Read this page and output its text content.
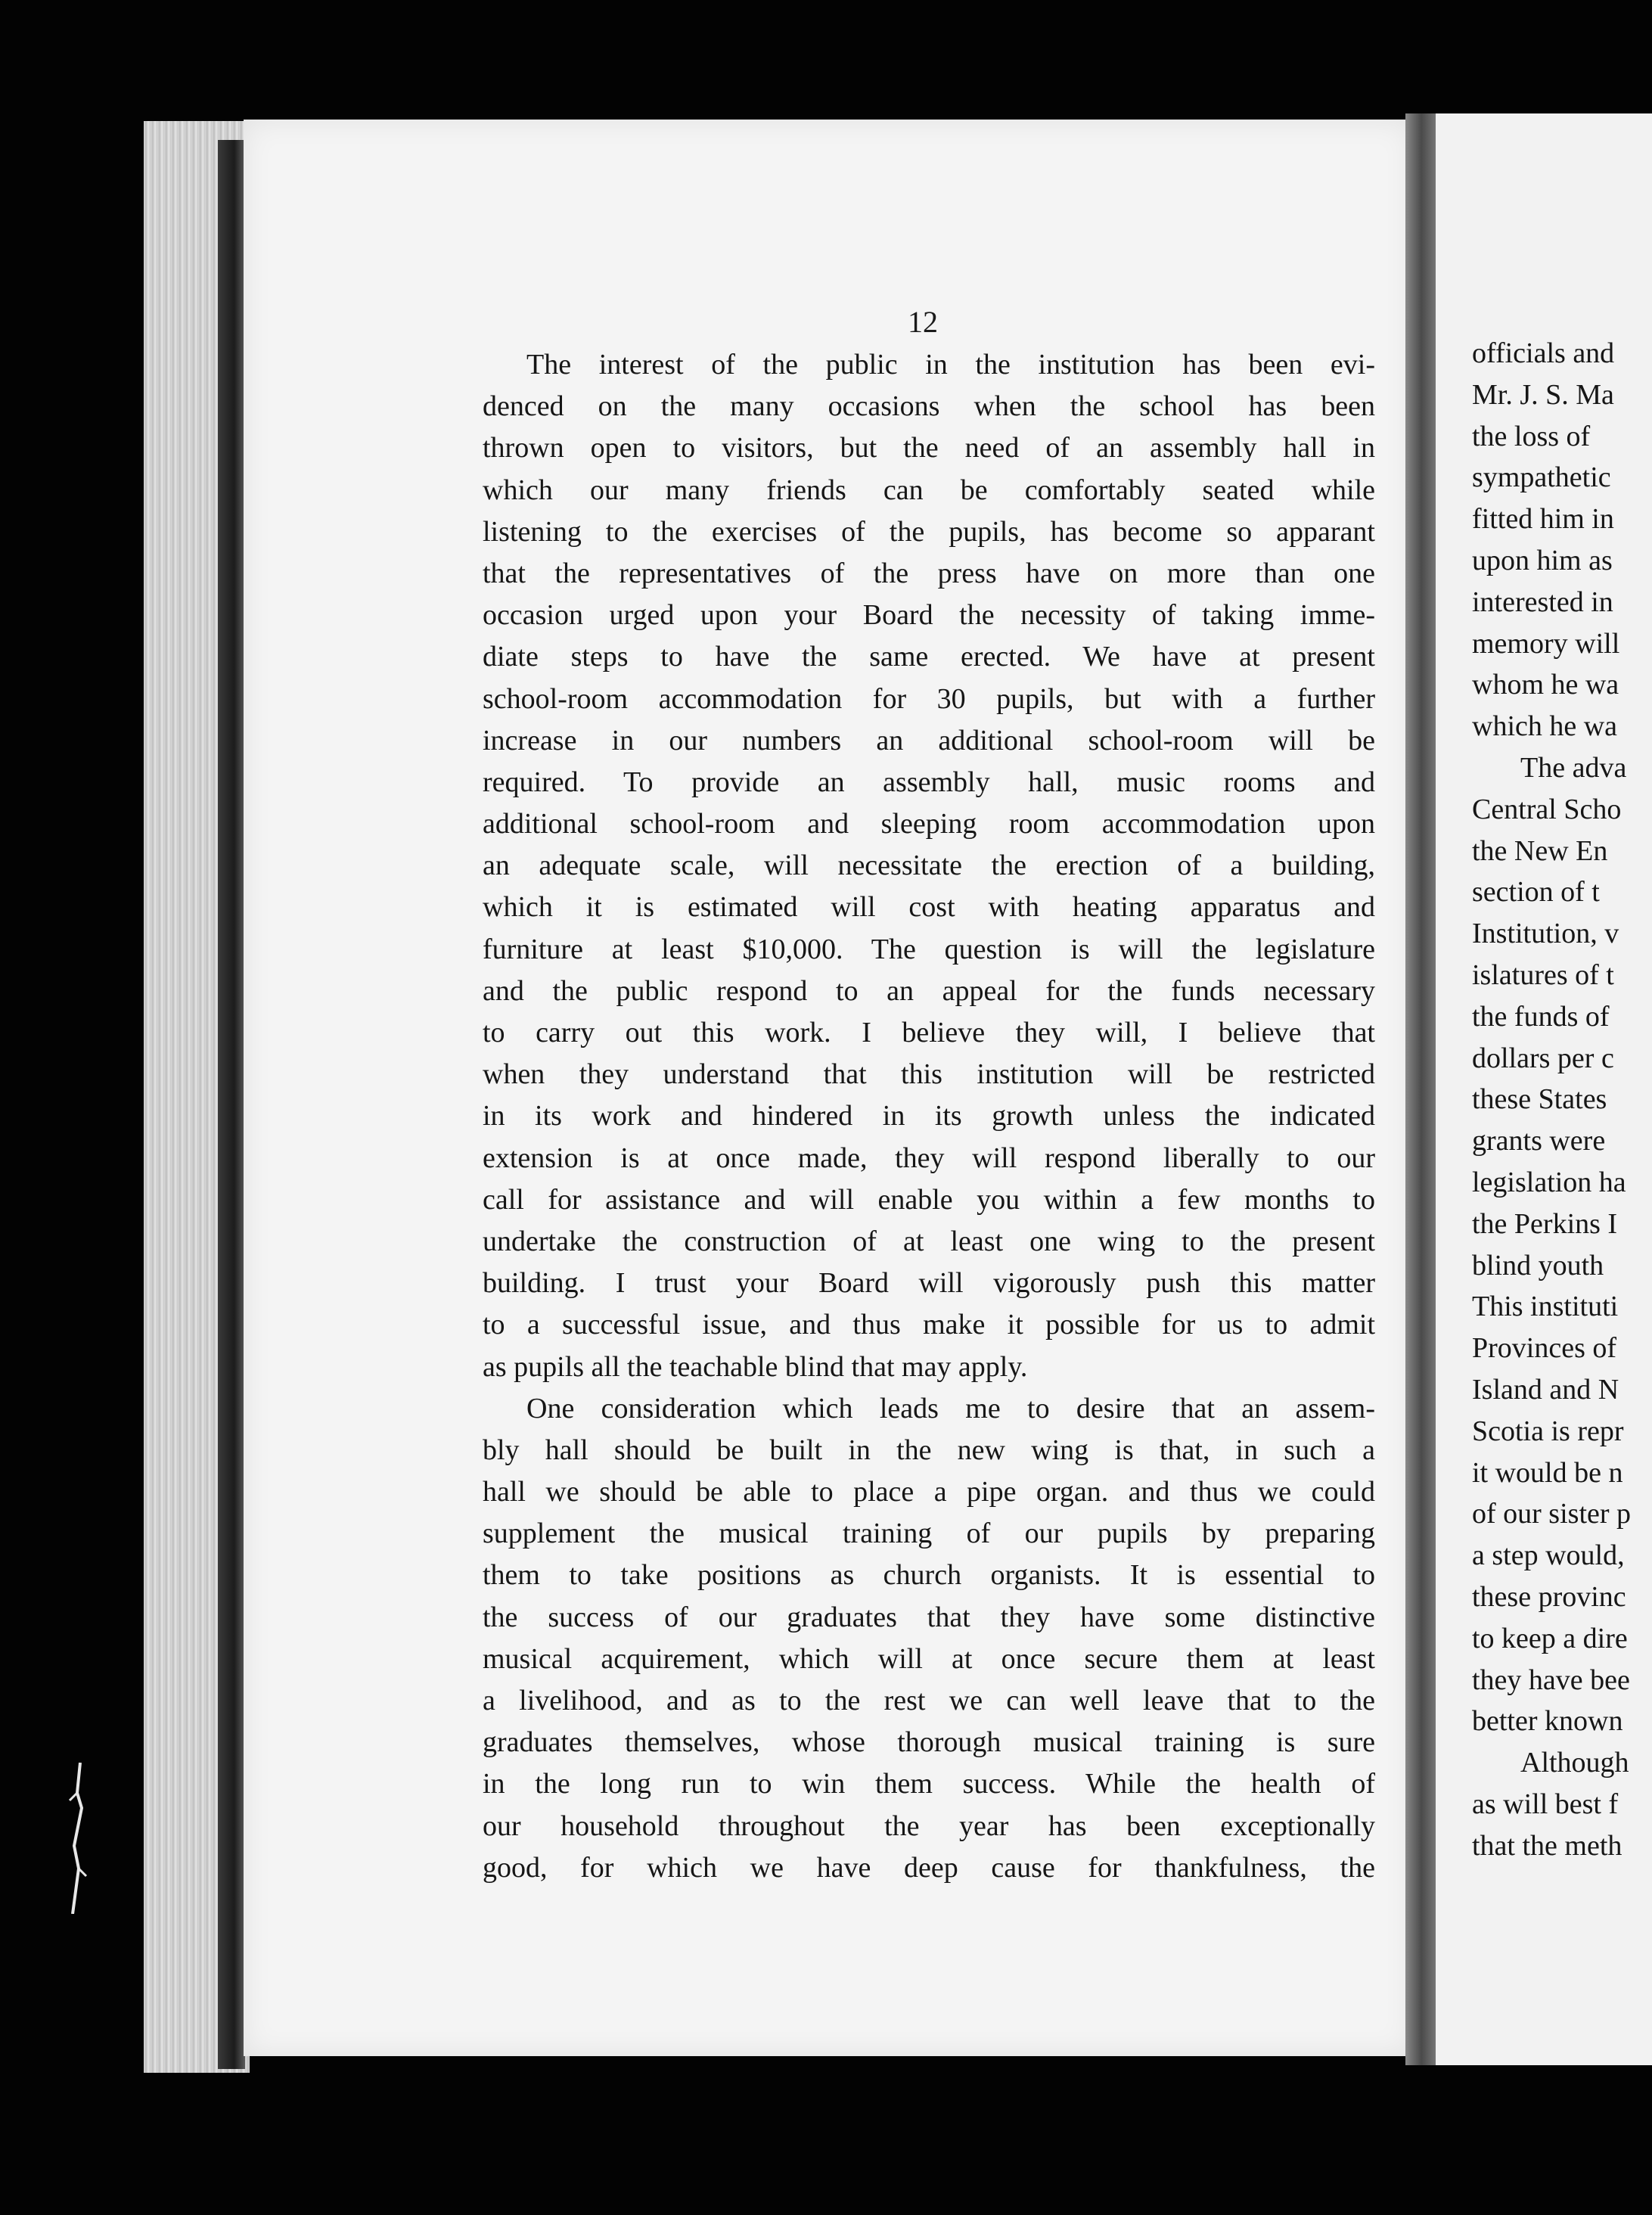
12
The interest of the public in the institution has been evi-
denced on the many occasions when the school has been
thrown open to visitors, but the need of an assembly hall in
which our many friends can be comfortably seated while
listening to the exercises of the pupils, has become so apparant
that the representatives of the press have on more than one
occasion urged upon your Board the necessity of taking imme-
diate steps to have the same erected. We have at present
school-room accommodation for 30 pupils, but with a further
increase in our numbers an additional school-room will be
required. To provide an assembly hall, music rooms and
additional school-room and sleeping room accommodation upon
an adequate scale, will necessitate the erection of a building,
which it is estimated will cost with heating apparatus and
furniture at least $10,000. The question is will the legislature
and the public respond to an appeal for the funds necessary
to carry out this work. I believe they will, I believe that
when they understand that this institution will be restricted
in its work and hindered in its growth unless the indicated
extension is at once made, they will respond liberally to our
call for assistance and will enable you within a few months to
undertake the construction of at least one wing to the present
building. I trust your Board will vigorously push this matter
to a successful issue, and thus make it possible for us to admit
as pupils all the teachable blind that may apply.
One consideration which leads me to desire that an assem-
bly hall should be built in the new wing is that, in such a
hall we should be able to place a pipe organ. and thus we could
supplement the musical training of our pupils by preparing
them to take positions as church organists. It is essential to
the success of our graduates that they have some distinctive
musical acquirement, which will at once secure them at least
a livelihood, and as to the rest we can well leave that to the
graduates themselves, whose thorough musical training is sure
in the long run to win them success. While the health of
our household throughout the year has been exceptionally
good, for which we have deep cause for thankfulness, the
officials and
Mr. J. S. Ma
the loss of
sympathetic
fitted him in
upon him as
interested in
memory will
whom he wa
which he wa
The adva
Central Scho
the New En
section of t
Institution, v
islatures of t
the funds of
dollars per c
these States
grants were
legislation ha
the Perkins I
blind youth
This instituti
Provinces of
Island and N
Scotia is repr
it would be n
of our sister p
a step would,
these provinc
to keep a dire
they have bee
better known
Although
as will best f
that the meth
